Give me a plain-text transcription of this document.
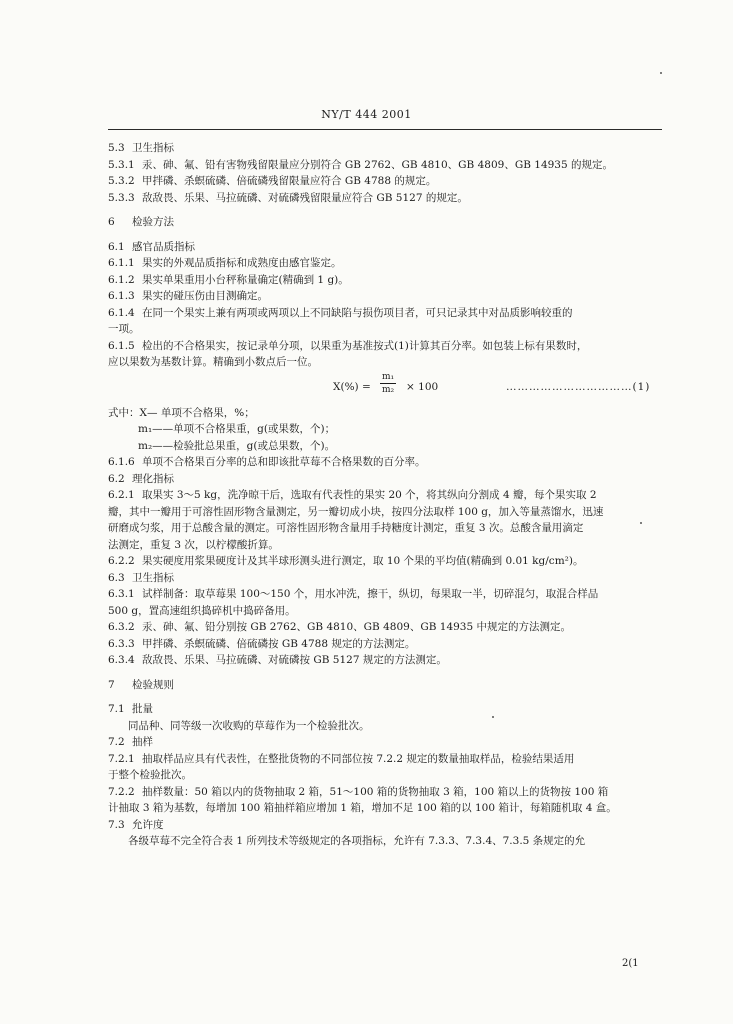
NY/T 444 2001
5.3 卫生指标
5.3.1 汞、砷、氟、铅有害物残留限量应分别符合 GB 2762、GB 4810、GB 4809、GB 14935 的规定。
5.3.2 甲拌磷、杀螟硫磷、倍硫磷残留限量应符合 GB 4788 的规定。
5.3.3 敌敌畏、乐果、马拉硫磷、对硫磷残留限量应符合 GB 5127 的规定。
6 检验方法
6.1 感官品质指标
6.1.1 果实的外观品质指标和成熟度由感官鉴定。
6.1.2 果实单果重用小台秤称量确定(精确到 1 g)。
6.1.3 果实的碰压伤由目测确定。
6.1.4 在同一个果实上兼有两项或两项以上不同缺陷与损伤项目者，可只记录其中对品质影响较重的
一项。
6.1.5 检出的不合格果实，按记录单分项，以果重为基准按式(1)计算其百分率。如包装上标有果数时，
应以果数为基数计算。精确到小数点后一位。
$X(\%) = \frac{\text{m₁}}{\text{m₂}} \times 100$	……………………………(1)
式中：X— 单项不合格果，%；
m₁——单项不合格果重，g(或果数，个)；
m₂——检验批总果重，g(或总果数，个)。
6.1.6 单项不合格果百分率的总和即该批草莓不合格果数的百分率。
6.2 理化指标
6.2.1 取果实 3～5 kg，洗净晾干后，选取有代表性的果实 20 个，将其纵向分割成 4 瓣，每个果实取 2
瓣，其中一瓣用于可溶性固形物含量测定，另一瓣切成小块，按四分法取样 100 g，加入等量蒸馏水，迅速
研磨成匀浆，用于总酸含量的测定。可溶性固形物含量用手持糖度计测定，重复 3 次。总酸含量用滴定
法测定，重复 3 次，以柠檬酸折算。
6.2.2 果实硬度用浆果硬度计及其半球形测头进行测定，取 10 个果的平均值(精确到 0.01 kg/cm²)。
6.3 卫生指标
6.3.1 试样制备：取草莓果 100～150 个，用水冲洗，擦干，纵切，每果取一半，切碎混匀，取混合样品
500 g，置高速组织捣碎机中捣碎备用。
6.3.2 汞、砷、氟、铅分别按 GB 2762、GB 4810、GB 4809、GB 14935 中规定的方法测定。
6.3.3 甲拌磷、杀螟硫磷、倍硫磷按 GB 4788 规定的方法测定。
6.3.4 敌敌畏、乐果、马拉硫磷、对硫磷按 GB 5127 规定的方法测定。
7 检验规则
7.1 批量
同品种、同等级一次收购的草莓作为一个检验批次。
7.2 抽样
7.2.1 抽取样品应具有代表性，在整批货物的不同部位按 7.2.2 规定的数量抽取样品，检验结果适用
于整个检验批次。
7.2.2 抽样数量：50 箱以内的货物抽取 2 箱，51～100 箱的货物抽取 3 箱，100 箱以上的货物按 100 箱
计抽取 3 箱为基数，每增加 100 箱抽样箱应增加 1 箱，增加不足 100 箱的以 100 箱计，每箱随机取 4 盒。
7.3 允许度
各级草莓不完全符合表 1 所列技术等级规定的各项指标，允许有 7.3.3、7.3.4、7.3.5 条规定的允
2(1
